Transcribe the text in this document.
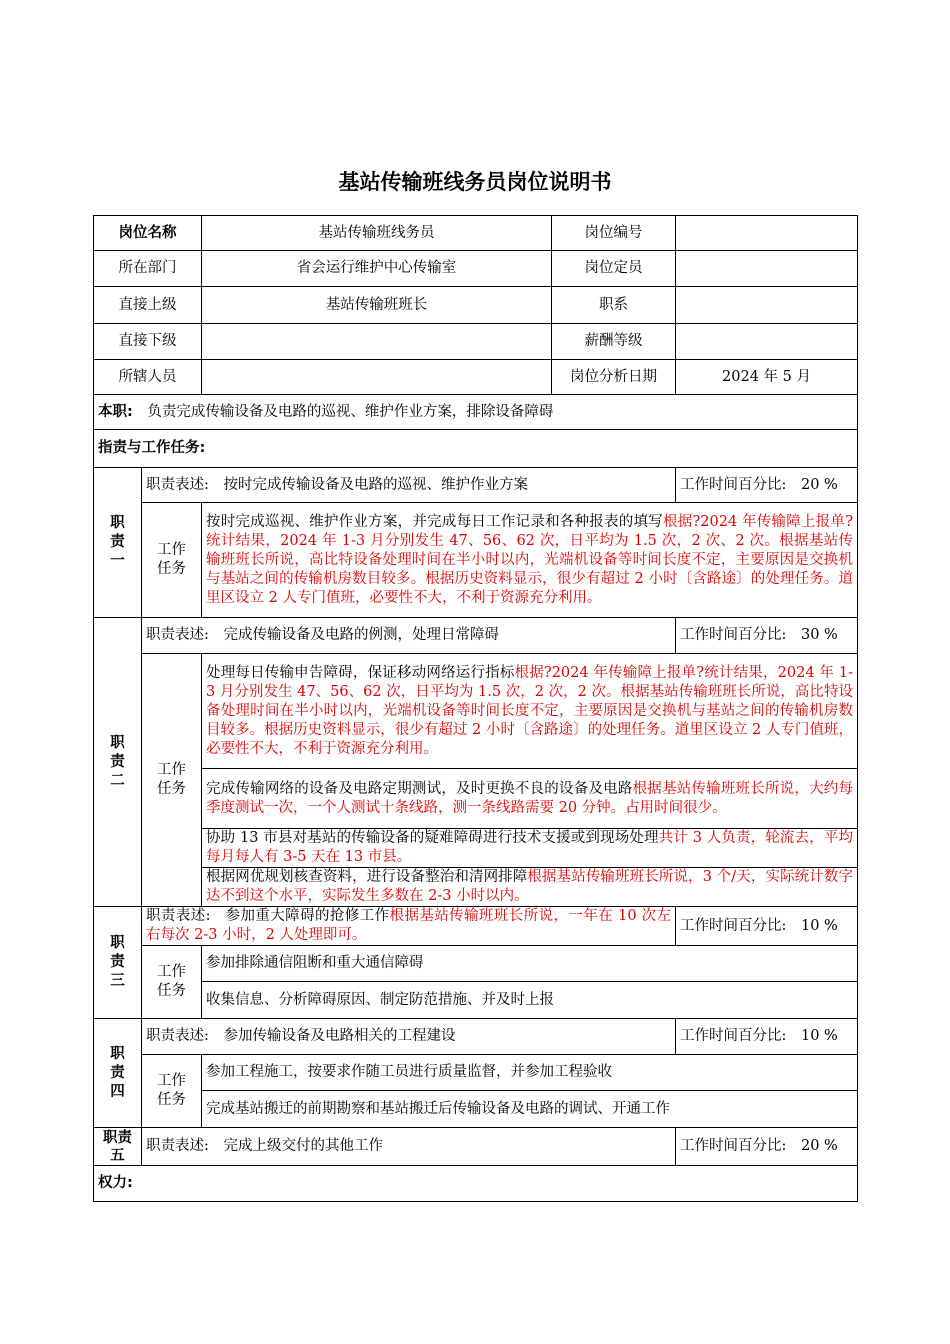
基站传输班线务员岗位说明书
岗位名称		基站传输班线务员	岗位编号	
所在部门		省会运行维护中心传输室	岗位定员	
直接上级		基站传输班班长	职系	
直接下级			薪酬等级	
所辖人员			岗位分析日期	2024 年 5 月
本职: 负责完成传输设备及电路的巡视、维护作业方案，排除设备障碍				
指责与工作任务:				
职
责
一	职责表述: 按时完成传输设备及电路的巡视、维护作业方案			工作时间百分比: 20 %
	工作
任务	按时完成巡视、维护作业方案，并完成每日工作记录和各种报表的填写根据?2024 年传输障上报单?统计结果，2024 年 1-3 月分别发生 47、56、62 次，日平均为 1.5 次，2 次、2 次。根据基站传输班班长所说，高比特设备处理时间在半小时以内，光端机设备等时间长度不定，主要原因是交换机与基站之间的传输机房数目较多。根据历史资料显示，很少有超过 2 小时〔含路途〕的处理任务。道里区设立 2 人专门值班，必要性不大，不利于资源充分利用。		
职
责
二	职责表述: 完成传输设备及电路的例测，处理日常障碍			工作时间百分比: 30 %
	工作
任务	处理每日传输申告障碍，保证移动网络运行指标根据?2024 年传输障上报单?统计结果，2024 年 1-3 月分别发生 47、56、62 次，日平均为 1.5 次，2 次，2 次。根据基站传输班班长所说，高比特设备处理时间在半小时以内，光端机设备等时间长度不定，主要原因是交换机与基站之间的传输机房数目较多。根据历史资料显示，很少有超过 2 小时〔含路途〕的处理任务。道里区设立 2 人专门值班，必要性不大，不利于资源充分利用。		
		完成传输网络的设备及电路定期测试，及时更换不良的设备及电路根据基站传输班班长所说，大约每季度测试一次，一个人测试十条线路，测一条线路需要 20 分钟。占用时间很少。		
		协助 13 市县对基站的传输设备的疑难障碍进行技术支援或到现场处理共计 3 人负责，轮流去，平均每月每人有 3-5 天在 13 市县。		
		根据网优规划核查资料，进行设备整治和清网排障根据基站传输班班长所说，3 个/天，实际统计数字达不到这个水平，实际发生多数在 2-3 小时以内。		
职
责
三	职责表述: 参加重大障碍的抢修工作根据基站传输班班长所说，一年在 10 次左右每次 2-3 小时，2 人处理即可。			工作时间百分比: 10 %
	工作
任务	参加排除通信阻断和重大通信障碍		
		收集信息、分析障碍原因、制定防范措施、并及时上报		
职
责
四	职责表述: 参加传输设备及电路相关的工程建设			工作时间百分比: 10 %
	工作
任务	参加工程施工，按要求作随工员进行质量监督，并参加工程验收		
		完成基站搬迁的前期勘察和基站搬迁后传输设备及电路的调试、开通工作		
职责
五	职责表述: 完成上级交付的其他工作			工作时间百分比: 20 %
权力:				
